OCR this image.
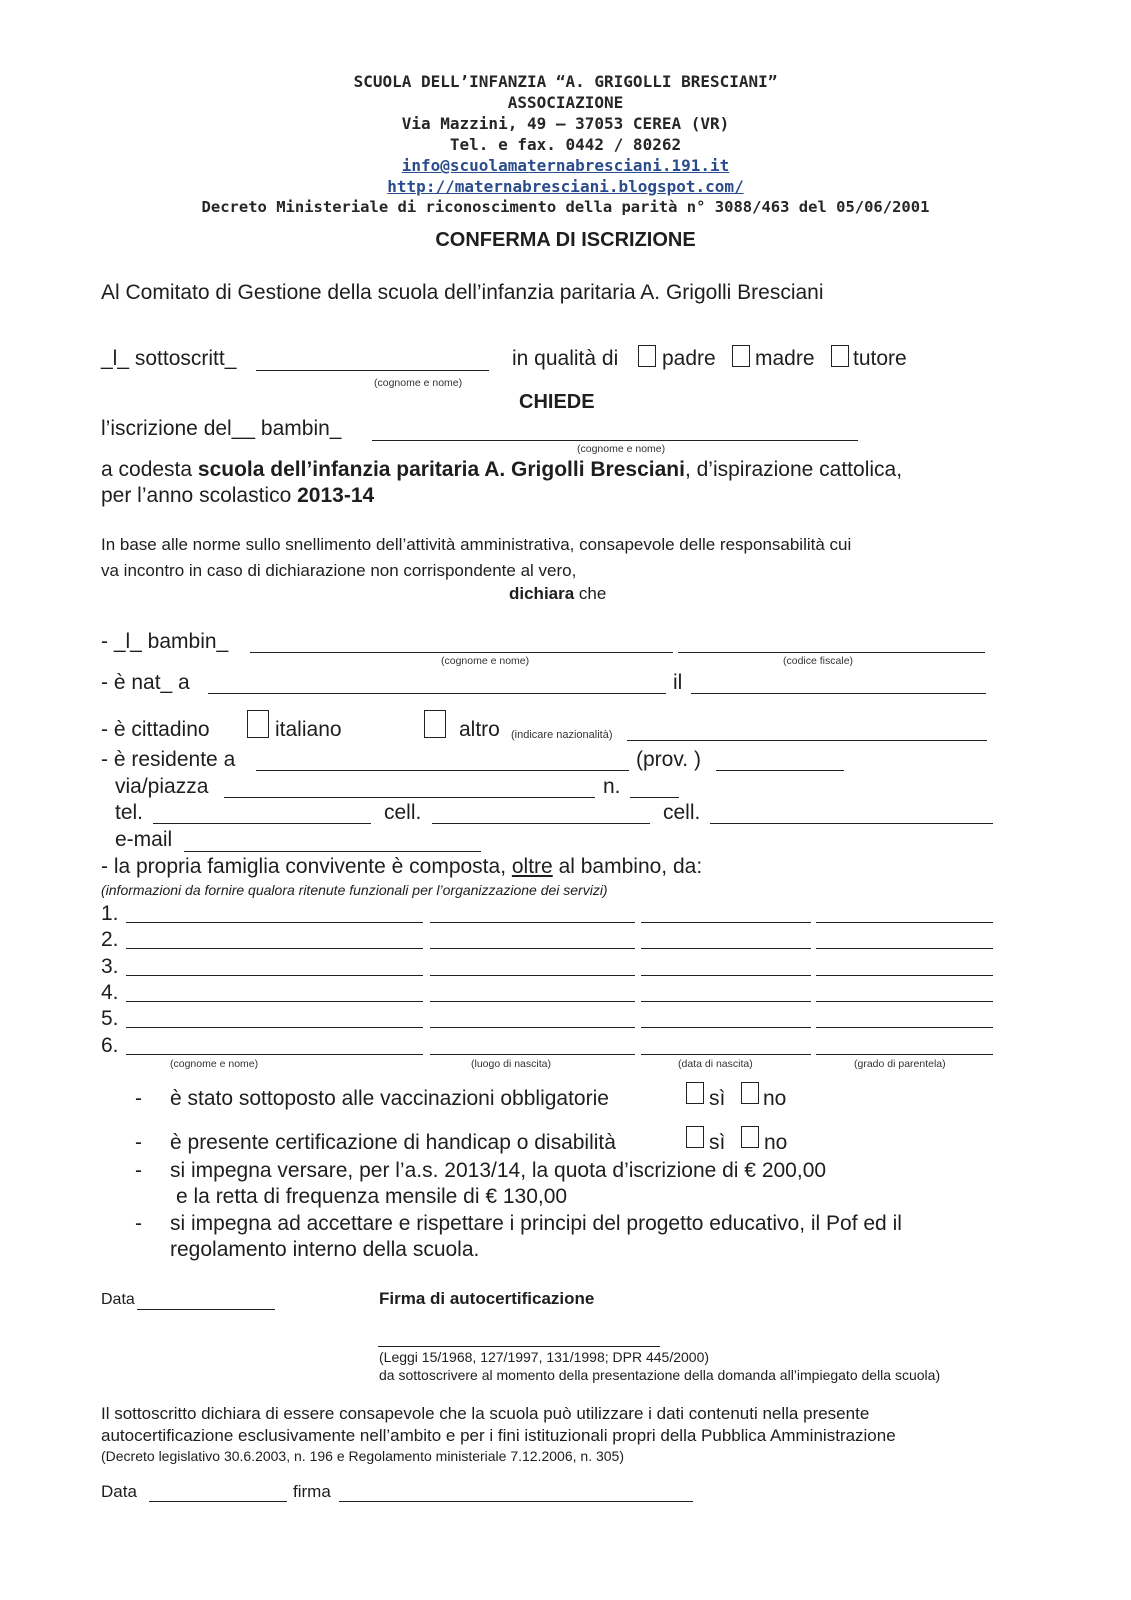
SCUOLA DELL’INFANZIA “A. GRIGOLLI BRESCIANI”
ASSOCIAZIONE
Via Mazzini, 49 – 37053 CEREA (VR)
Tel. e fax. 0442 / 80262
info@scuolamaternabresciani.191.it
http://maternabresciani.blogspot.com/
Decreto Ministeriale di riconoscimento della parità n° 3088/463 del 05/06/2001
CONFERMA DI ISCRIZIONE
Al Comitato di Gestione della scuola dell’infanzia paritaria A. Grigolli Bresciani
_l_ sottoscritt_
(cognome e nome)
in qualità di padre madre tutore
CHIEDE
l’iscrizione del__ bambin_
(cognome e nome)
a codesta scuola dell’infanzia paritaria A. Grigolli Bresciani, d’ispirazione cattolica,
per l’anno scolastico 2013-14
In base alle norme sullo snellimento dell’attività amministrativa, consapevole delle responsabilità cui
va incontro in caso di dichiarazione non corrispondente al vero,
dichiara che
- _l_ bambin_
(cognome e nome)	(codice fiscale)
- è nat_ a	il
- è cittadino	italiano	altro (indicare nazionalità)
- è residente a	(prov. )
via/piazza	n.
tel.	cell.	cell.
e-mail
- la propria famiglia convivente è composta, oltre al bambino, da:
(informazioni da fornire qualora ritenute funzionali per l’organizzazione dei servizi)
1.
2.
3.
4.
5.
6.
(cognome e nome)	(luogo di nascita)	(data di nascita)	(grado di parentela)
- è stato sottoposto alle vaccinazioni obbligatorie	sì no
- è presente certificazione di handicap o disabilità	sì no
- si impegna versare, per l’a.s. 2013/14, la quota d’iscrizione di € 200,00
e la retta di frequenza mensile di € 130,00
- si impegna ad accettare e rispettare i principi del progetto educativo, il Pof ed il
regolamento interno della scuola.
Data	Firma di autocertificazione
(Leggi 15/1968, 127/1997, 131/1998; DPR 445/2000)
da sottoscrivere al momento della presentazione della domanda all’impiegato della scuola)
Il sottoscritto dichiara di essere consapevole che la scuola può utilizzare i dati contenuti nella presente
autocertificazione esclusivamente nell’ambito e per i fini istituzionali propri della Pubblica Amministrazione
(Decreto legislativo 30.6.2003, n. 196 e Regolamento ministeriale 7.12.2006, n. 305)
Data	firma
